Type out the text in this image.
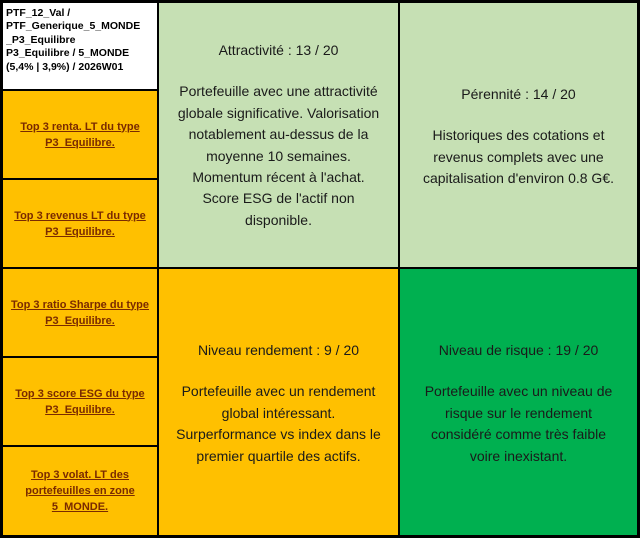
PTF_12_Val /
PTF_Generique_5_MONDE
_P3_Equilibre
P3_Equilibre / 5_MONDE
(5,4% | 3,9%) / 2026W01
Top 3 renta. LT du type P3_Equilibre.
Top 3 revenus LT du type P3_Equilibre.
Top 3 ratio Sharpe du type P3_Equilibre.
Top 3 score ESG du type P3_Equilibre.
Top 3 volat. LT des portefeuilles en zone 5_MONDE.
Attractivité : 13 / 20
Portefeuille avec une attractivité
globale significative. Valorisation
notablement au-dessus de la
moyenne 10 semaines.
Momentum récent à l'achat.
Score ESG de l'actif non
disponible.
Pérennité : 14 / 20
Historiques des cotations et
revenus complets avec une
capitalisation d'environ 0.8 G€.
Niveau rendement : 9 / 20
Portefeuille avec un rendement
global intéressant.
Surperformance vs index dans le
premier quartile des actifs.
Niveau de risque : 19 / 20
Portefeuille avec un niveau de
risque sur le rendement
considéré comme très faible
voire inexistant.
